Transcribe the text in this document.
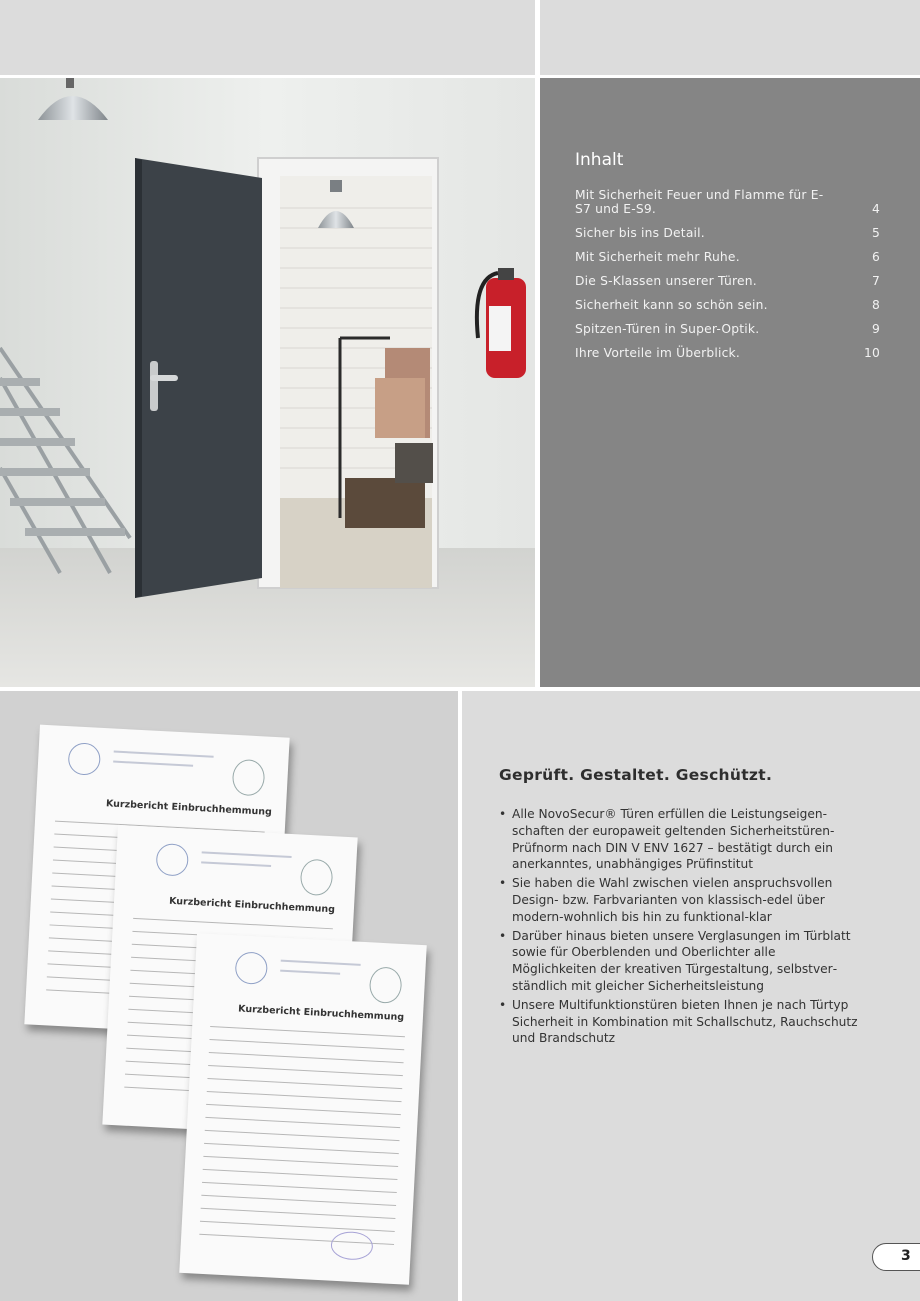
Inhalt
Mit Sicherheit Feuer und Flamme für E-S7 und E-S9.	4
Sicher bis ins Detail.	5
Mit Sicherheit mehr Ruhe.	6
Die S-Klassen unserer Türen.	7
Sicherheit kann so schön sein.	8
Spitzen-Türen in Super-Optik.	9
Ihre Vorteile im Überblick.	10
Kurzbericht Einbruchhemmung
Kurzbericht Einbruchhemmung
Kurzbericht Einbruchhemmung
Geprüft. Gestaltet. Geschützt.
• Alle NovoSecur® Türen erfüllen die Leistungseigenschaften der europaweit geltenden Sicherheitstüren-Prüfnorm nach DIN V ENV 1627 – bestätigt durch ein anerkanntes, unabhängiges Prüfinstitut
• Sie haben die Wahl zwischen vielen anspruchsvollen Design- bzw. Farbvarianten von klassisch-edel über modern-wohnlich bis hin zu funktional-klar
• Darüber hinaus bieten unsere Verglasungen im Türblatt sowie für Oberblenden und Oberlichter alle Möglichkeiten der kreativen Türgestaltung, selbstverständlich mit gleicher Sicherheitsleistung
• Unsere Multifunktionstüren bieten Ihnen je nach Türtyp Sicherheit in Kombination mit Schallschutz, Rauchschutz und Brandschutz
3
